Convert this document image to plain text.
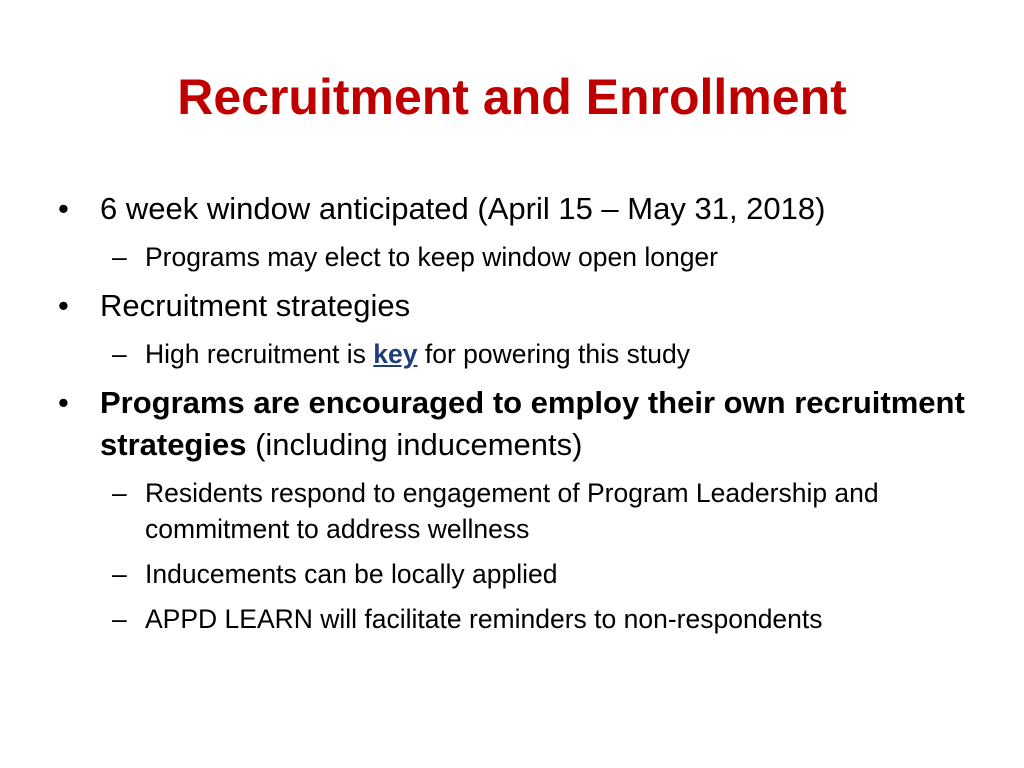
Recruitment and Enrollment
•	6 week window anticipated (April 15 – May 31, 2018)
– Programs may elect to keep window open longer
•	Recruitment strategies
– High recruitment is key for powering this study
•	Programs are encouraged to employ their own recruitment strategies (including inducements)
– Residents respond to engagement of Program Leadership and commitment to address wellness
– Inducements can be locally applied
– APPD LEARN will facilitate reminders to non-respondents
